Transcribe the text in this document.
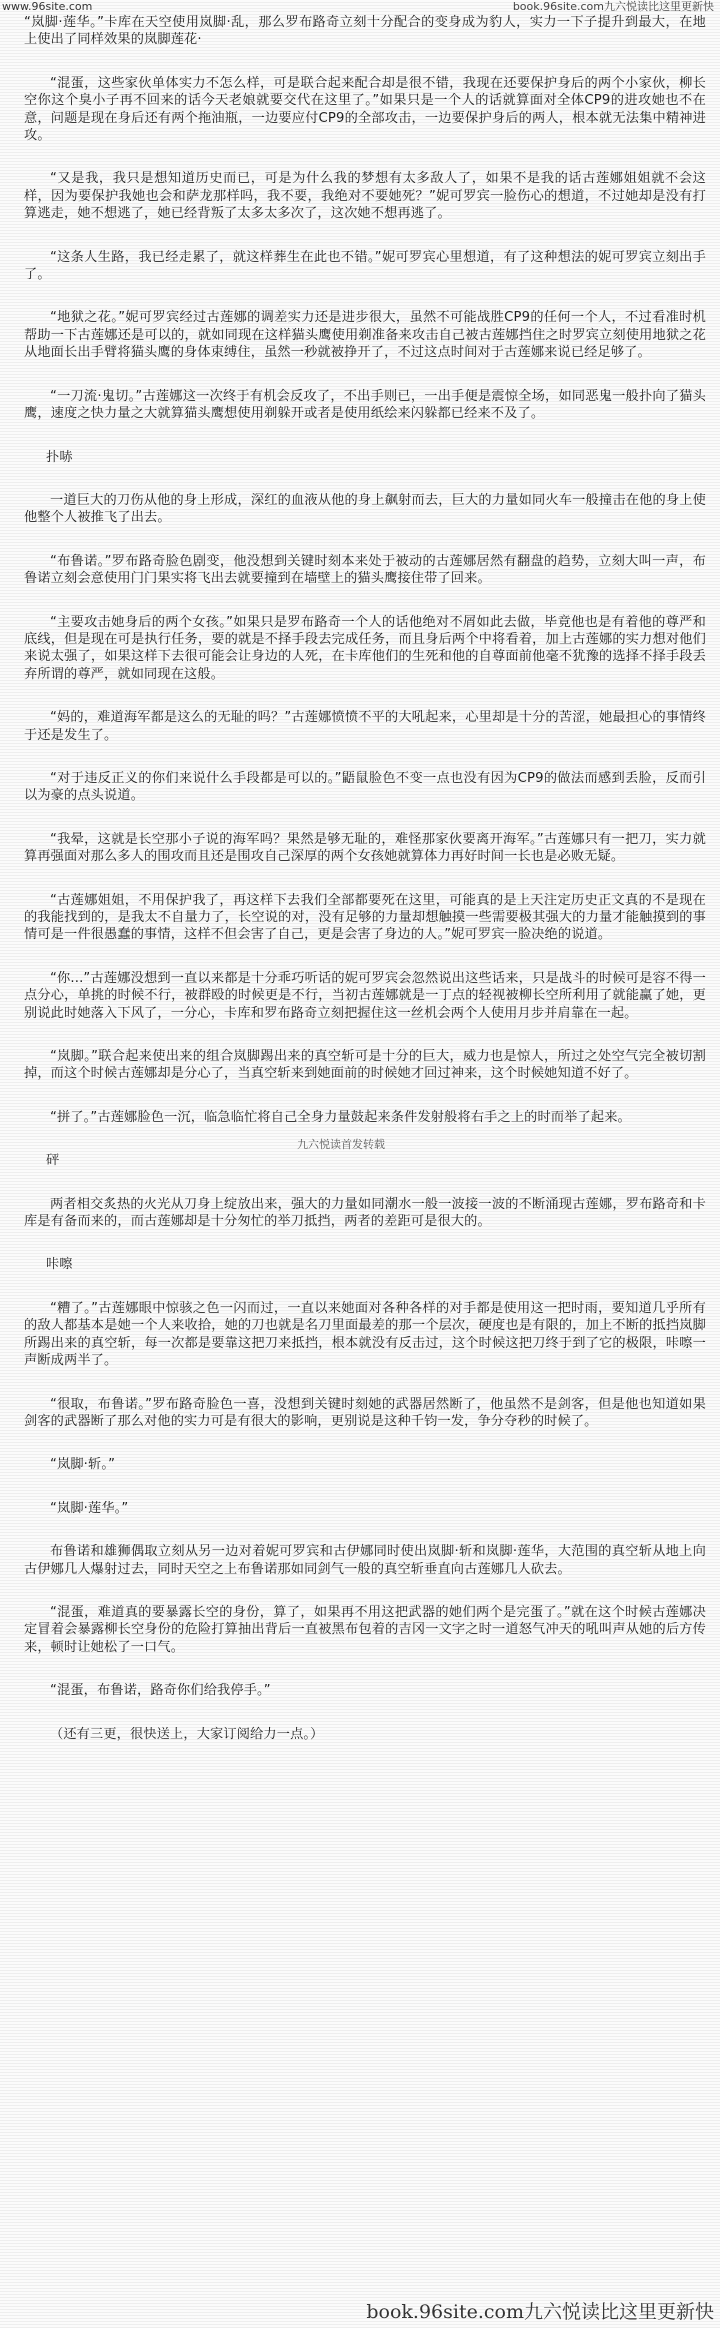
www.96site.com	book.96site.com九六悦读比这里更新快

“岚脚·莲华。”卡库在天空使用岚脚·乱，那么罗布路奇立刻十分配合的变身成为豹人，实力一下子提升到最大，在地上使出了同样效果的岚脚莲花·

“混蛋，这些家伙单体实力不怎么样，可是联合起来配合却是很不错，我现在还要保护身后的两个小家伙，柳长空你这个臭小子再不回来的话今天老娘就要交代在这里了。”如果只是一个人的话就算面对全体CP9的进攻她也不在意，问题是现在身后还有两个拖油瓶，一边要应付CP9的全部攻击，一边要保护身后的两人，根本就无法集中精神进攻。

“又是我，我只是想知道历史而已，可是为什么我的梦想有太多敌人了，如果不是我的话古莲娜姐姐就不会这样，因为要保护我她也会和萨龙那样吗，我不要，我绝对不要她死？”妮可罗宾一脸伤心的想道，不过她却是没有打算逃走，她不想逃了，她已经背叛了太多太多次了，这次她不想再逃了。

“这条人生路，我已经走累了，就这样葬生在此也不错。”妮可罗宾心里想道，有了这种想法的妮可罗宾立刻出手了。

“地狱之花。”妮可罗宾经过古莲娜的调差实力还是进步很大，虽然不可能战胜CP9的任何一个人，不过看准时机帮助一下古莲娜还是可以的，就如同现在这样猫头鹰使用剃准备来攻击自己被古莲娜挡住之时罗宾立刻使用地狱之花从地面长出手臂将猫头鹰的身体束缚住，虽然一秒就被挣开了，不过这点时间对于古莲娜来说已经足够了。

“一刀流·鬼切。”古莲娜这一次终于有机会反攻了，不出手则已，一出手便是震惊全场，如同恶鬼一般扑向了猫头鹰，速度之快力量之大就算猫头鹰想使用剃躲开或者是使用纸绘来闪躲都已经来不及了。

扑哧

一道巨大的刀伤从他的身上形成，深红的血液从他的身上飙射而去，巨大的力量如同火车一般撞击在他的身上使他整个人被推飞了出去。

“布鲁诺。”罗布路奇脸色剧变，他没想到关键时刻本来处于被动的古莲娜居然有翻盘的趋势，立刻大叫一声，布鲁诺立刻会意使用门门果实将飞出去就要撞到在墙壁上的猫头鹰接住带了回来。

“主要攻击她身后的两个女孩。”如果只是罗布路奇一个人的话他绝对不屑如此去做，毕竟他也是有着他的尊严和底线，但是现在可是执行任务，要的就是不择手段去完成任务，而且身后两个中将看着，加上古莲娜的实力想对他们来说太强了，如果这样下去很可能会让身边的人死，在卡库他们的生死和他的自尊面前他毫不犹豫的选择不择手段丢弃所谓的尊严，就如同现在这般。

“妈的，难道海军都是这么的无耻的吗？”古莲娜愤愤不平的大吼起来，心里却是十分的苦涩，她最担心的事情终于还是发生了。

“对于违反正义的你们来说什么手段都是可以的。”鼯鼠脸色不变一点也没有因为CP9的做法而感到丢脸，反而引以为豪的点头说道。

“我晕，这就是长空那小子说的海军吗？果然是够无耻的，难怪那家伙要离开海军。”古莲娜只有一把刀，实力就算再强面对那么多人的围攻而且还是围攻自己深厚的两个女孩她就算体力再好时间一长也是必败无疑。

“古莲娜姐姐，不用保护我了，再这样下去我们全部都要死在这里，可能真的是上天注定历史正文真的不是现在的我能找到的，是我太不自量力了，长空说的对，没有足够的力量却想触摸一些需要极其强大的力量才能触摸到的事情可是一件很愚蠢的事情，这样不但会害了自己，更是会害了身边的人。”妮可罗宾一脸决绝的说道。

“你...”古莲娜没想到一直以来都是十分乖巧听话的妮可罗宾会忽然说出这些话来，只是战斗的时候可是容不得一点分心，单挑的时候不行，被群殴的时候更是不行，当初古莲娜就是一丁点的轻视被柳长空所利用了就能赢了她，更别说此时她落入下风了，一分心，卡库和罗布路奇立刻把握住这一丝机会两个人使用月步并肩靠在一起。

“岚脚。”联合起来使出来的组合岚脚踢出来的真空斩可是十分的巨大，威力也是惊人，所过之处空气完全被切割掉，而这个时候古莲娜却是分心了，当真空斩来到她面前的时候她才回过神来，这个时候她知道不好了。

“拼了。”古莲娜脸色一沉，临急临忙将自己全身力量鼓起来条件发射般将右手之上的时而举了起来。

砰

两者相交炙热的火光从刀身上绽放出来，强大的力量如同潮水一般一波接一波的不断涌现古莲娜，罗布路奇和卡库是有备而来的，而古莲娜却是十分匆忙的举刀抵挡，两者的差距可是很大的。

咔嚓

“糟了。”古莲娜眼中惊骇之色一闪而过，一直以来她面对各种各样的对手都是使用这一把时雨，要知道几乎所有的敌人都基本是她一个人来收拾，她的刀也就是名刀里面最差的那一个层次，硬度也是有限的，加上不断的抵挡岚脚所踢出来的真空斩，每一次都是要靠这把刀来抵挡，根本就没有反击过，这个时候这把刀终于到了它的极限，咔嚓一声断成两半了。

“很取，布鲁诺。”罗布路奇脸色一喜，没想到关键时刻她的武器居然断了，他虽然不是剑客，但是他也知道如果剑客的武器断了那么对他的实力可是有很大的影响，更别说是这种千钧一发，争分夺秒的时候了。

“岚脚·斩。”

“岚脚·莲华。”

布鲁诺和雄狮偶取立刻从另一边对着妮可罗宾和古伊娜同时使出岚脚·斩和岚脚·莲华，大范围的真空斩从地上向古伊娜几人爆射过去，同时天空之上布鲁诺那如同剑气一般的真空斩垂直向古莲娜几人砍去。

“混蛋，难道真的要暴露长空的身份，算了，如果再不用这把武器的她们两个是完蛋了。”就在这个时候古莲娜决定冒着会暴露柳长空身份的危险打算抽出背后一直被黑布包着的吉冈一文字之时一道怒气冲天的吼叫声从她的后方传来，顿时让她松了一口气。

“混蛋，布鲁诺，路奇你们给我停手。”

（还有三更，很快送上，大家订阅给力一点。）

九六悦读首发转载
book.96site.com九六悦读比这里更新快
